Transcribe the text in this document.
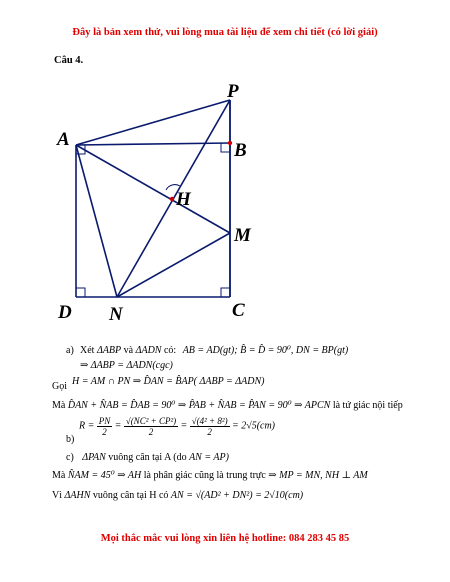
Đây là bản xem thử, vui lòng mua tài liệu để xem chi tiết (có lời giải)
Câu 4.
P
A
B
H
M
D N	C
a) Xét ΔABP và ΔADN có: AB = AD(gt); B̂ = D̂ = 90⁰, DN = BP(gt)
⇒ ΔABP = ΔADN(cgc)
Gọi H = AM ∩ PN ⇒ D̂AN = B̂AP( ΔABP = ΔADN)
Mà D̂AN + N̂AB = D̂AB = 90⁰ ⇒ P̂AB + N̂AB = P̂AN = 90⁰ ⇒ APCN là tứ giác nội tiếp
b)
$R = \frac{PN}{2} = \frac{\text{√(NC² + CP²)}}{2} = \frac{\text{√(4² + 8²)}}{2} = 2√5(cm)$
c) ΔPAN vuông cân tại A (do AN = AP)
Mà N̂AM = 45⁰ ⇒ AH là phân giác cũng là trung trực ⇒ MP = MN, NH ⊥ AM
Vì ΔAHN vuông cân tại H có AN = √(AD² + DN²) = 2√10(cm)
Mọi thắc mắc vui lòng xin liên hệ hotline: 084 283 45 85
